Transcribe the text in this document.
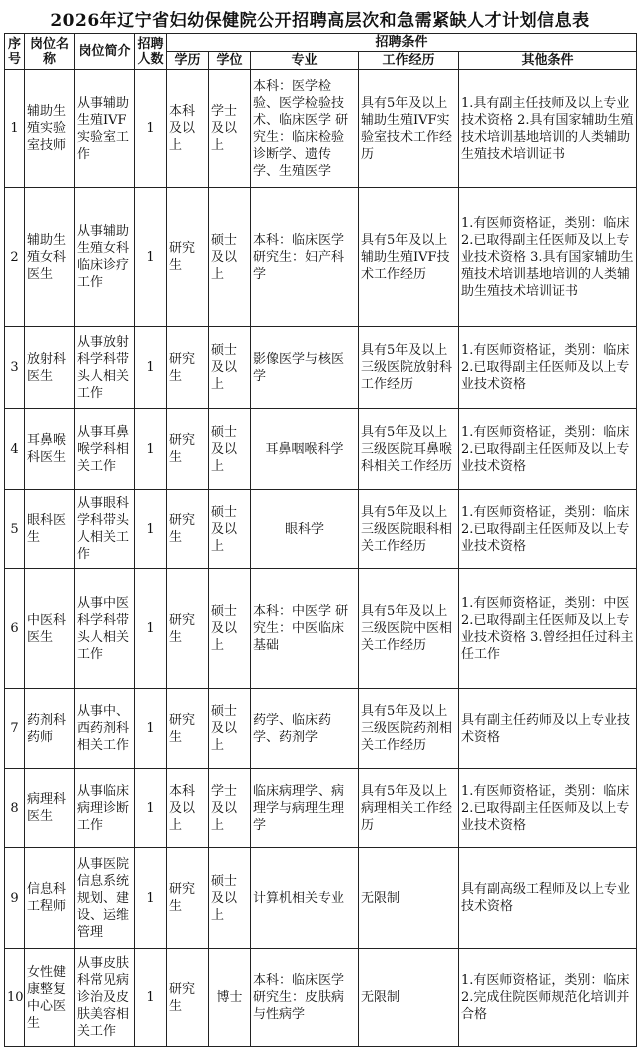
2026年辽宁省妇幼保健院公开招聘高层次和急需紧缺人才计划信息表
序号	岗位名称	岗位简介	招聘人数	招聘条件				
				学历	学位	专业	工作经历	其他条件
1	辅助生殖实验室技师	从事辅助生殖IVF实验室工作	1	本科及以上	学士及以上	本科：医学检验、医学检验技术、临床医学 研究生：临床检验诊断学、遗传学、生殖医学	具有5年及以上辅助生殖IVF实验室技术工作经历	1.具有副主任技师及以上专业技术资格 2.具有国家辅助生殖技术培训基地培训的人类辅助生殖技术培训证书
2	辅助生殖女科医生	从事辅助生殖女科临床诊疗工作	1	研究生	硕士及以上	本科：临床医学 研究生：妇产科学	具有5年及以上辅助生殖IVF技术工作经历	1.有医师资格证，类别：临床 2.已取得副主任医师及以上专业技术资格 3.具有国家辅助生殖技术培训基地培训的人类辅助生殖技术培训证书
3	放射科医生	从事放射科学科带头人相关工作	1	研究生	硕士及以上	影像医学与核医学	具有5年及以上三级医院放射科工作经历	1.有医师资格证，类别：临床 2.已取得副主任医师及以上专业技术资格
4	耳鼻喉科医生	从事耳鼻喉学科相关工作	1	研究生	硕士及以上	耳鼻咽喉科学	具有5年及以上三级医院耳鼻喉科相关工作经历	1.有医师资格证，类别：临床 2.已取得副主任医师及以上专业技术资格
5	眼科医生	从事眼科学科带头人相关工作	1	研究生	硕士及以上	眼科学	具有5年及以上三级医院眼科相关工作经历	1.有医师资格证，类别：临床 2.已取得副主任医师及以上专业技术资格
6	中医科医生	从事中医科学科带头人相关工作	1	研究生	硕士及以上	本科：中医学 研究生：中医临床基础	具有5年及以上三级医院中医相关工作经历	1.有医师资格证，类别：中医 2.已取得副主任医师及以上专业技术资格 3.曾经担任过科主任工作
7	药剂科药师	从事中、西药剂科相关工作	1	研究生	硕士及以上	药学、临床药学、药剂学	具有5年及以上三级医院药剂相关工作经历	具有副主任药师及以上专业技术资格
8	病理科医生	从事临床病理诊断工作	1	本科及以上	学士及以上	临床病理学、病理学与病理生理学	具有5年及以上病理相关工作经历	1.有医师资格证，类别：临床 2.已取得副主任医师及以上专业技术资格
9	信息科工程师	从事医院信息系统规划、建设、运维管理	1	研究生	硕士及以上	计算机相关专业	无限制	具有副高级工程师及以上专业技术资格
10	女性健康整复中心医生	从事皮肤科常见病诊治及皮肤美容相关工作	1	研究生	博士	本科：临床医学 研究生：皮肤病与性病学	无限制	1.有医师资格证，类别：临床 2.完成住院医师规范化培训并合格
